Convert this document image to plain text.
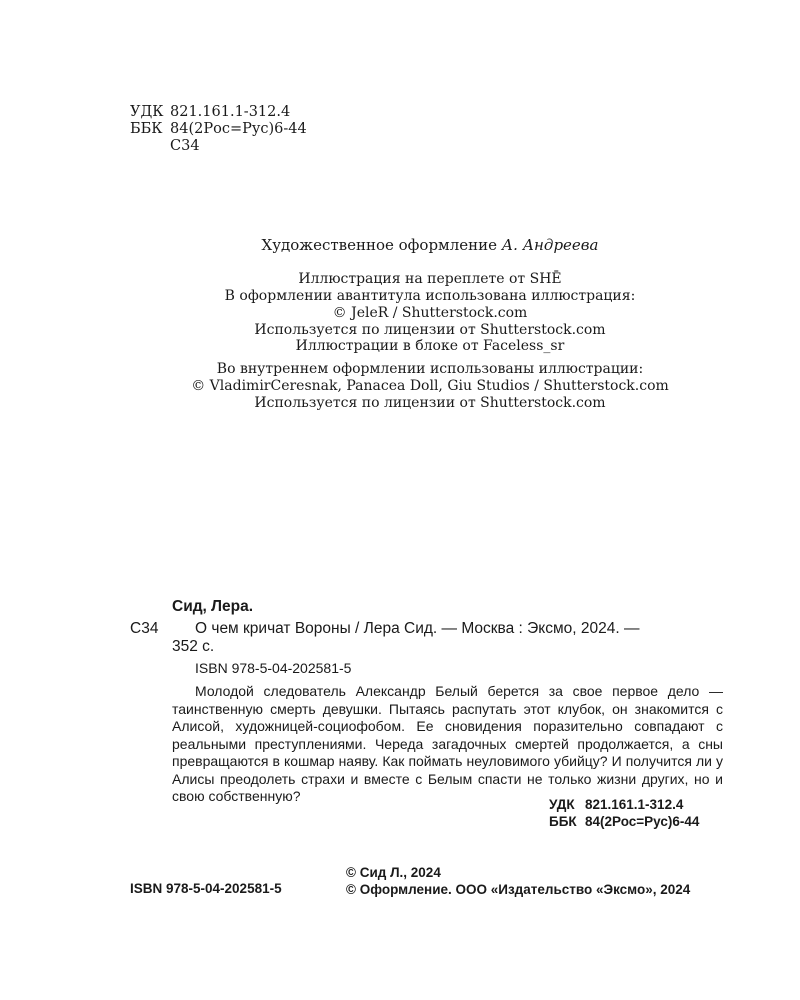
УДК 821.161.1-312.4
ББК 84(2Рос=Рус)6-44
С34
Художественное оформление А. Андреева
Иллюстрация на переплете от SHĒ
В оформлении авантитула использована иллюстрация:
© JeleR / Shutterstock.com
Используется по лицензии от Shutterstock.com
Иллюстрации в блоке от Faceless_sr
Во внутреннем оформлении использованы иллюстрации:
© VladimirCeresnak, Panacea Doll, Giu Studios / Shutterstock.com
Используется по лицензии от Shutterstock.com
Сид, Лера.
С34 О чем кричат Вороны / Лера Сид. — Москва : Эксмо, 2024. —
352 с.
ISBN 978-5-04-202581-5
Молодой следователь Александр Белый берется за свое первое дело — таинственную смерть девушки. Пытаясь распутать этот клубок, он знакомится с Алисой, художницей-социофобом. Ее сновидения поразительно совпадают с реальными преступлениями. Череда загадочных смертей продолжается, а сны превращаются в кошмар наяву. Как поймать неуловимого убийцу? И получится ли у Алисы преодолеть страхи и вместе с Белым спасти не только жизни других, но и свою собственную?
УДК 821.161.1-312.4
ББК 84(2Рос=Рус)6-44
© Сид Л., 2024
© Оформление. ООО «Издательство «Эксмо», 2024
ISBN 978-5-04-202581-5
